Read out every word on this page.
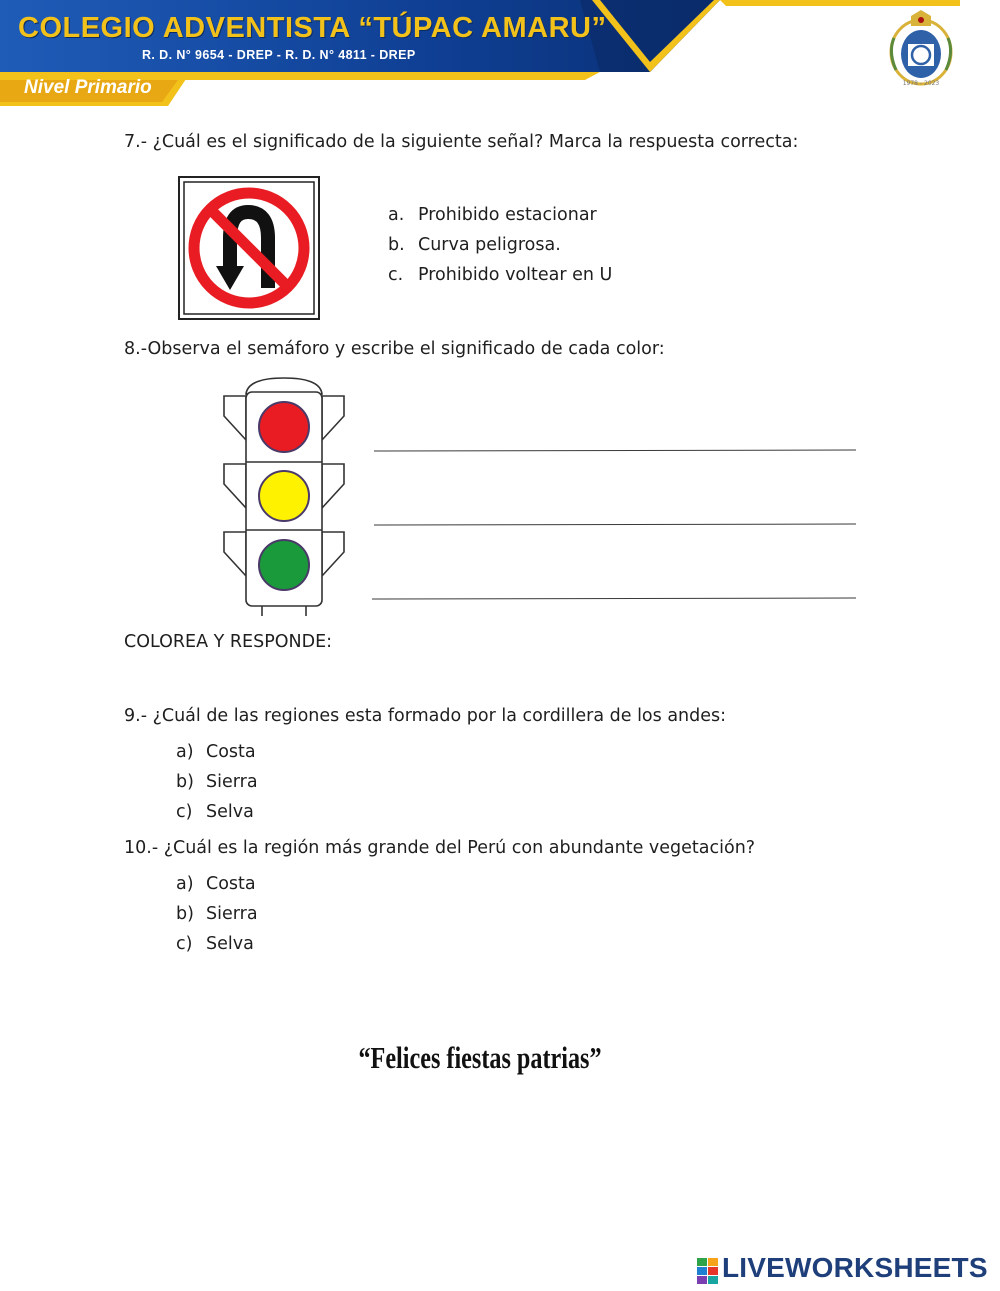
COLEGIO ADVENTISTA “TÚPAC AMARU”
R. D. N° 9654 - DREP - R. D. N° 4811 - DREP
Nivel Primario	1978 - 2023
7.- ¿Cuál es el significado de la siguiente señal? Marca la respuesta correcta:
a. Prohibido estacionar
b. Curva peligrosa.
c. Prohibido voltear en U
8.-Observa el semáforo y escribe el significado de cada color:
COLOREA Y RESPONDE:
9.- ¿Cuál de las regiones esta formado por la cordillera de los andes:
a) Costa
b) Sierra
c) Selva
10.- ¿Cuál es la región más grande del Perú con abundante vegetación?
a) Costa
b) Sierra
c) Selva
“Felices fiestas patrias”
LIVEWORKSHEETS
